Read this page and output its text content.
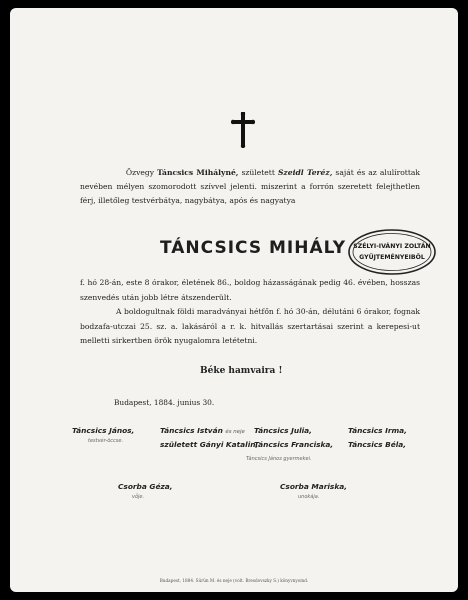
Özvegy Táncsics Mihályné, született Szeidl Teréz, saját és az alulírottak nevében mélyen szomorodott szívvel jelenti. miszerint a forrón szeretett felejthetlen férj, illetőleg testvérbátya, nagybátya, após és nagyatya
TÁNCSICS MIHÁLY SZÉLYI-IVÁNYI ZOLTÁN
GYŰJTEMÉNYEIBŐL

f. hó 28-án, este 8 órakor, életének 86., boldog házasságának pedig 46. évében, hosszas szenvedés után jobb létre átszenderült.

A boldogultnak földi maradványai hétfőn f. hó 30-án, délutáni 6 órakor, fognak bodzafa-utczai 25. sz. a. lakásáról a r. k. hitvallás szertartásai szerint a kerepesi-ut melletti sirkertben örök nyugalomra letétetni.

Béke hamvaira !
Budapest, 1884. junius 30.
Táncsics János,
testvér-öccse.
Táncsics István és neje
született Gányi Katalin,
Táncsics Julia,
Táncsics Franciska,
Táncsics Irma,
Táncsics Béla,
Táncsics János gyermekei.
Csorba Géza,
vője.
Csorba Mariska,
unokája.
Budapest, 1884. Sürün M. és neje (volt. Bresdovszky S.) könyvnyomd.
